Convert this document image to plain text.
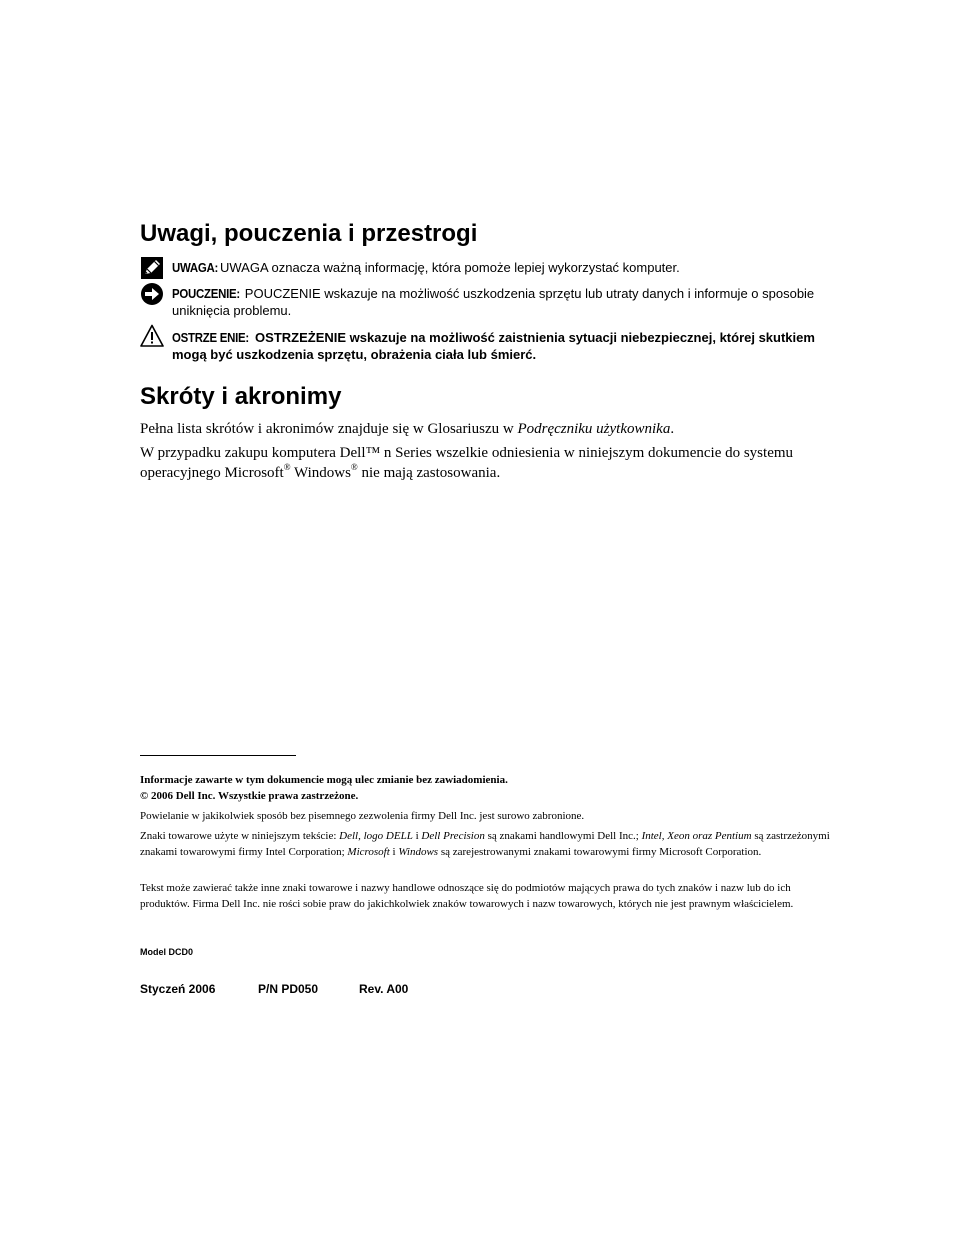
Uwagi, pouczenia i przestrogi
UWAGA: UWAGA oznacza ważną informację, która pomoże lepiej wykorzystać komputer.
POUCZENIE: POUCZENIE wskazuje na możliwość uszkodzenia sprzętu lub utraty danych i informuje o sposobie uniknięcia problemu.
OSTRZE ENIE: OSTRZEŻENIE wskazuje na możliwość zaistnienia sytuacji niebezpiecznej, której skutkiem mogą być uszkodzenia sprzętu, obrażenia ciała lub śmierć.
Skróty i akronimy

Pełna lista skrótów i akronimów znajduje się w Glosariuszu w Podręczniku użytkownika.

W przypadku zakupu komputera Dell™ n Series wszelkie odniesienia w niniejszym dokumencie do systemu operacyjnego Microsoft® Windows® nie mają zastosowania.

Informacje zawarte w tym dokumencie mogą ulec zmianie bez zawiadomienia.
© 2006 Dell Inc. Wszystkie prawa zastrzeżone.

Powielanie w jakikolwiek sposób bez pisemnego zezwolenia firmy Dell Inc. jest surowo zabronione.

Znaki towarowe użyte w niniejszym tekście: Dell, logo DELL i Dell Precision są znakami handlowymi Dell Inc.; Intel, Xeon oraz Pentium są zastrzeżonymi znakami towarowymi firmy Intel Corporation; Microsoft i Windows są zarejestrowanymi znakami towarowymi firmy Microsoft Corporation.

Tekst może zawierać także inne znaki towarowe i nazwy handlowe odnoszące się do podmiotów mających prawa do tych znaków i nazw lub do ich produktów. Firma Dell Inc. nie rości sobie praw do jakichkolwiek znaków towarowych i nazw towarowych, których nie jest prawnym właścicielem.

Model DCD0

Styczeń 2006	P/N PD050	Rev. A00
